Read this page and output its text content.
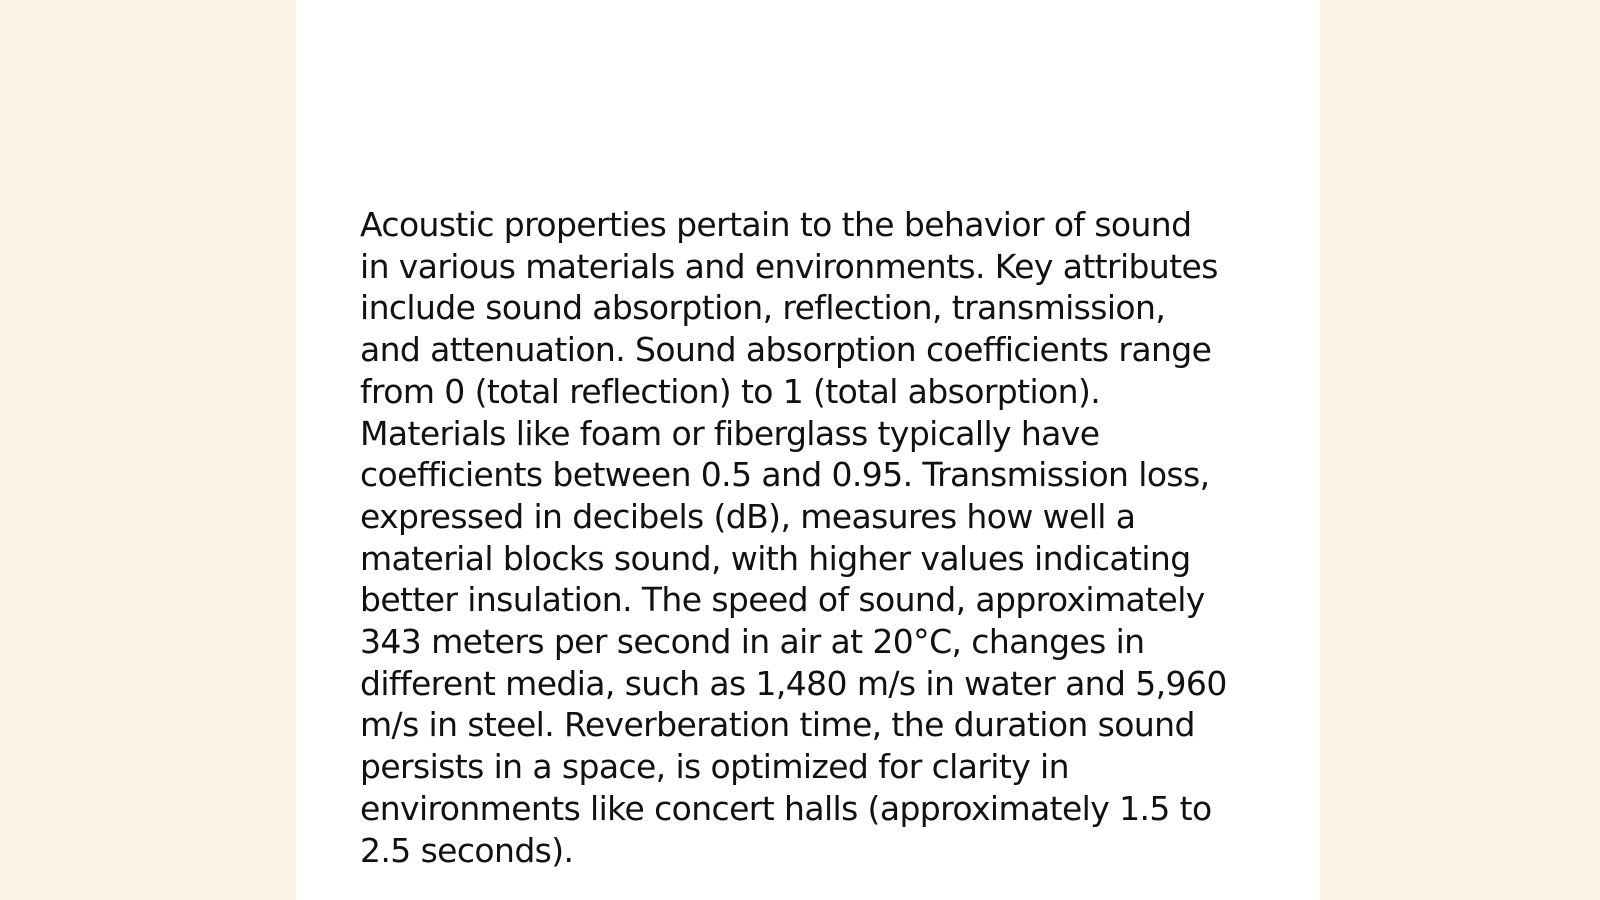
Acoustic properties pertain to the behavior of sound
in various materials and environments. Key attributes
include sound absorption, reflection, transmission,
and attenuation. Sound absorption coefficients range
from 0 (total reflection) to 1 (total absorption).
Materials like foam or fiberglass typically have
coefficients between 0.5 and 0.95. Transmission loss,
expressed in decibels (dB), measures how well a
material blocks sound, with higher values indicating
better insulation. The speed of sound, approximately
343 meters per second in air at 20°C, changes in
different media, such as 1,480 m/s in water and 5,960
m/s in steel. Reverberation time, the duration sound
persists in a space, is optimized for clarity in
environments like concert halls (approximately 1.5 to
2.5 seconds).
